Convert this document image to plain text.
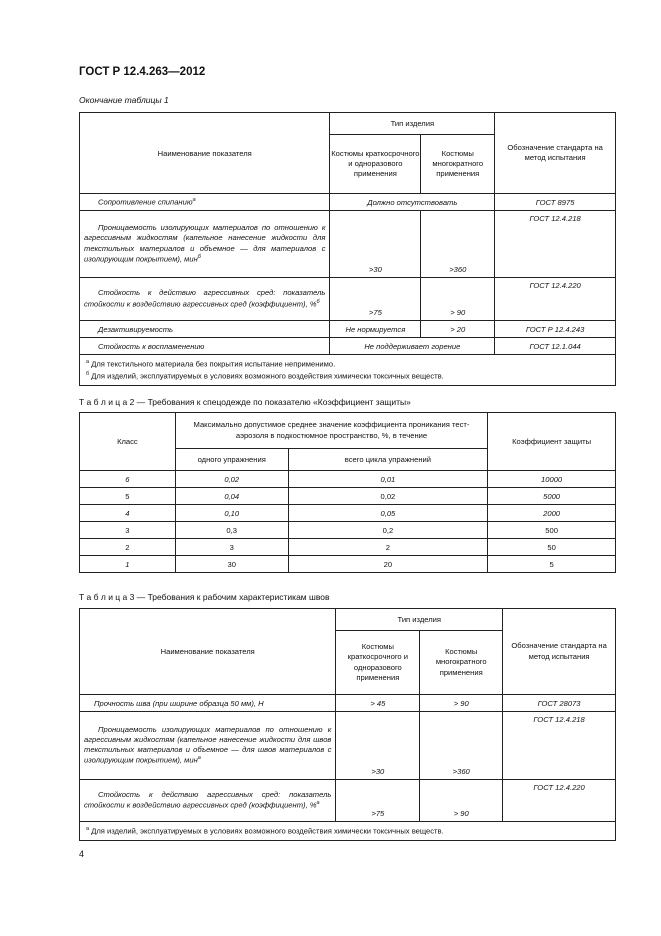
ГОСТ Р 12.4.263—2012
Окончание таблицы 1
Наименование показателя	Тип изделия		Обозначение стандарта на метод испытания
	Костюмы краткосрочного и одноразового применения	Костюмы многократного применения	
Сопротивление спипанию$^а$	Должно отсутствовать		ГОСТ 8975

Проницаемость изолирующих материалов по отношению к агрессивным жидкостям (капельное нанесение жидкости для текстильных материалов и объемное — для материалов с изолирующим покрытием), мин$^б$	>30	>360	ГОСТ 12.4.218

Стойкость к действию агрессивных сред: показатель стойкости к воздействию агрессивных сред (коэффициент), %$^б$	>75	> 90	ГОСТ 12.4.220
Дезактивируемость	Не нормируется	> 20	ГОСТ Р 12.4.243
Стойкость к воспламенению	Не поддерживает горение		ГОСТ 12.1.044

$^а$ Для текстильного материала без покрытия испытание неприменимо.
$^б$ Для изделий, эксплуатируемых в условиях возможного воздействия химически токсичных веществ.			
Т а б л и ц а 2 — Требования к спецодежде по показателю «Коэффициент защиты»
Класс	Максимально допустимое среднее значение коэффициента проникания тест-аэрозоля в подкостюмное пространство, %, в течение		Коэффициент защиты
	одного упражнения	всего цикла упражнений	
6	0,02	0,01	10000
5	0,04	0,02	5000
4	0,10	0,05	2000
3	0,3	0,2	500
2	3	2	50
1	30	20	5
Т а б л и ц а 3 — Требования к рабочим характеристикам швов
Наименование показателя	Тип изделия		Обозначение стандарта на метод испытания
	Костюмы краткосрочного и одноразового применения	Костюмы многократного применения	
Прочность шва (при ширине образца 50 мм), Н	> 45	> 90	ГОСТ 28073

Проницаемость изолирующих материалов по отношению к агрессивным жидкостям (капельное нанесение жидкости для швов текстильных материалов и объемное — для швов материалов с изолирующим покрытием), мин$^а$	>30	>360	ГОСТ 12.4.218

Стойкость к действию агрессивных сред: показатель стойкости к воздействию агрессивных сред (коэффициент), %$^а$	>75	> 90	ГОСТ 12.4.220

$^а$ Для изделий, эксплуатируемых в условиях возможного воздействия химически токсичных веществ.			
4
